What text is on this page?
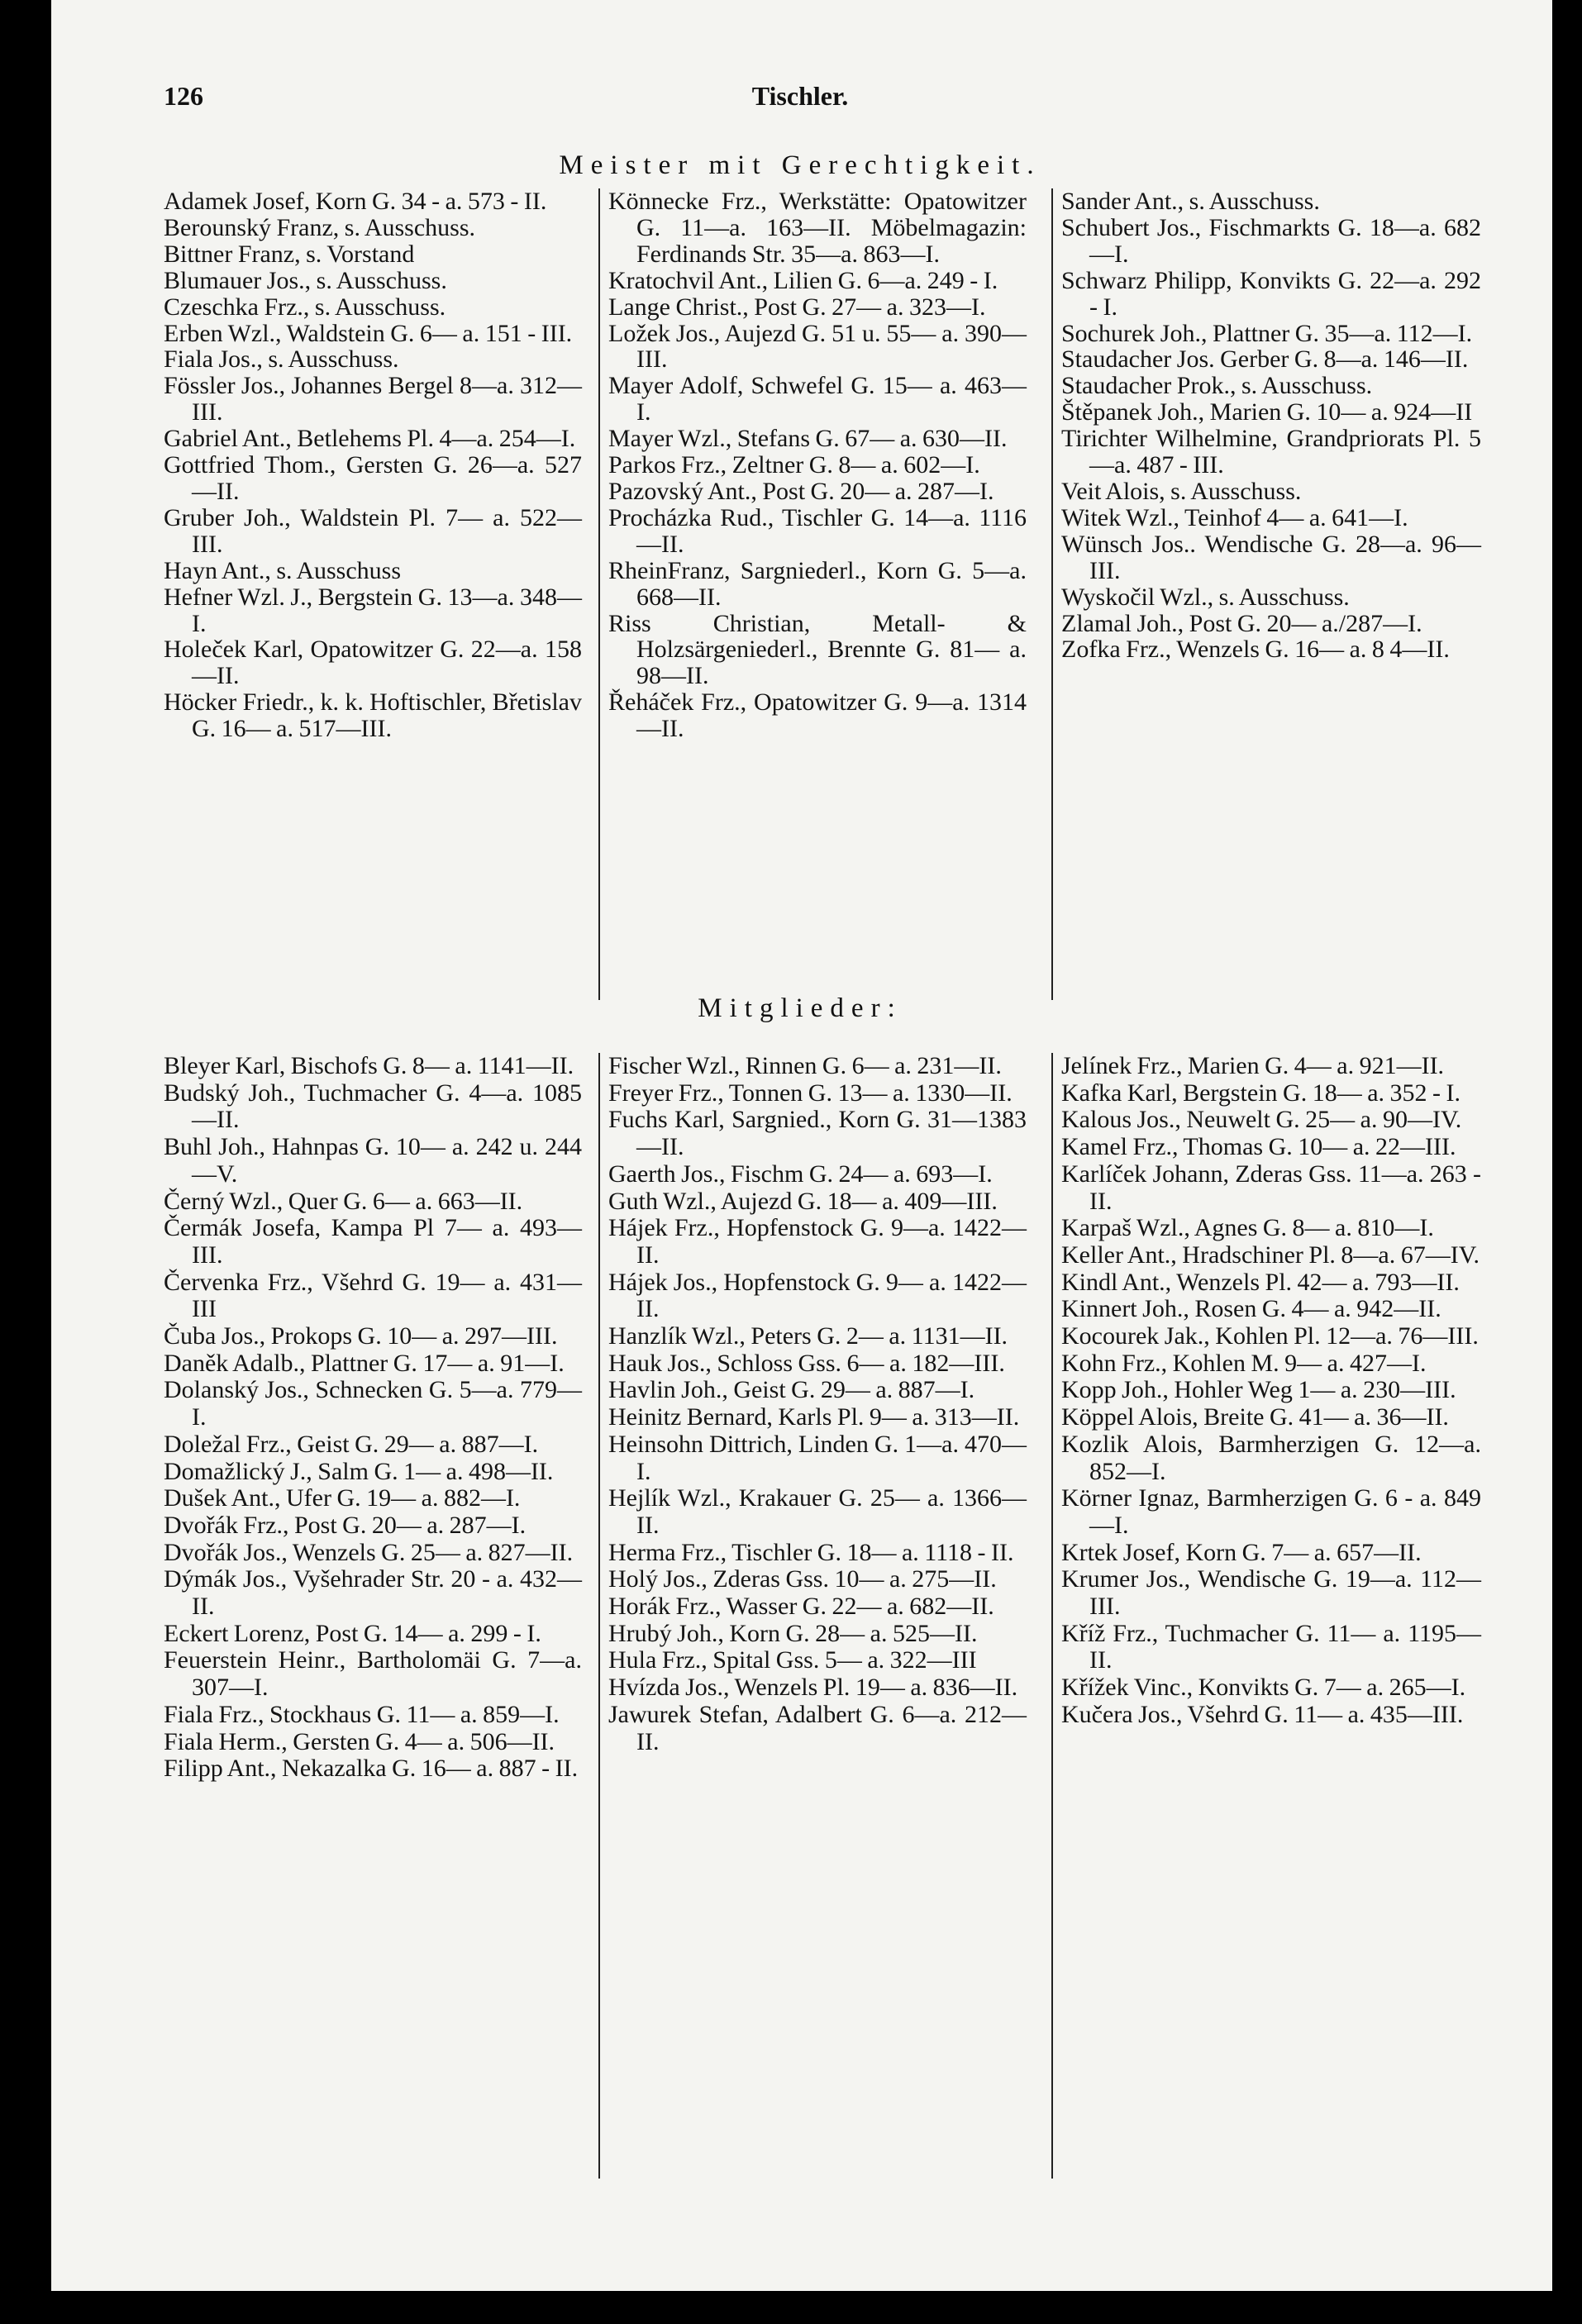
126	Tischler.
Meister mit Gerechtigkeit.
Adamek Josef, Korn G. 34 - a. 573 - II.
Berounský Franz, s. Ausschuss.
Bittner Franz, s. Vorstand
Blumauer Jos., s. Ausschuss.
Czeschka Frz., s. Ausschuss.
Erben Wzl., Waldstein G. 6— a. 151 - III.
Fiala Jos., s. Ausschuss.
Fössler Jos., Johannes Bergel 8—a. 312—III.
Gabriel Ant., Betlehems Pl. 4—a. 254—I.
Gottfried Thom., Gersten G. 26—a. 527—II.
Gruber Joh., Waldstein Pl. 7— a. 522—III.
Hayn Ant., s. Ausschuss
Hefner Wzl. J., Bergstein G. 13—a. 348—I.
Holeček Karl, Opatowitzer G. 22—a. 158—II.
Höcker Friedr., k. k. Hoftischler, Břetislav G. 16— a. 517—III.
Könnecke Frz., Werkstätte: Opatowitzer G. 11—a. 163—II. Möbelmagazin: Ferdinands Str. 35—a. 863—I.
Kratochvil Ant., Lilien G. 6—a. 249 - I.
Lange Christ., Post G. 27— a. 323—I.
Ložek Jos., Aujezd G. 51 u. 55— a. 390—III.
Mayer Adolf, Schwefel G. 15— a. 463—I.
Mayer Wzl., Stefans G. 67— a. 630—II.
Parkos Frz., Zeltner G. 8— a. 602—I.
Pazovský Ant., Post G. 20— a. 287—I.
Procházka Rud., Tischler G. 14—a. 1116—II.
RheinFranz, Sargniederl., Korn G. 5—a. 668—II.
Riss Christian, Metall- & Holzsärgeniederl., Brennte G. 81— a. 98—II.
Řeháček Frz., Opatowitzer G. 9—a. 1314—II.
Sander Ant., s. Ausschuss.
Schubert Jos., Fischmarkts G. 18—a. 682—I.
Schwarz Philipp, Konvikts G. 22—a. 292 - I.
Sochurek Joh., Plattner G. 35—a. 112—I.
Staudacher Jos. Gerber G. 8—a. 146—II.
Staudacher Prok., s. Ausschuss.
Štěpanek Joh., Marien G. 10— a. 924—II
Tirichter Wilhelmine, Grandpriorats Pl. 5—a. 487 - III.
Veit Alois, s. Ausschuss.
Witek Wzl., Teinhof 4— a. 641—I.
Wünsch Jos.. Wendische G. 28—a. 96—III.
Wyskočil Wzl., s. Ausschuss.
Zlamal Joh., Post G. 20— a./287—I.
Zofka Frz., Wenzels G. 16— a. 8 4—II.
Mitglieder:
Bleyer Karl, Bischofs G. 8— a. 1141—II.
Budský Joh., Tuchmacher G. 4—a. 1085—II.
Buhl Joh., Hahnpas G. 10— a. 242 u. 244—V.
Černý Wzl., Quer G. 6— a. 663—II.
Čermák Josefa, Kampa Pl 7— a. 493—III.
Červenka Frz., Všehrd G. 19— a. 431—III
Čuba Jos., Prokops G. 10— a. 297—III.
Daněk Adalb., Plattner G. 17— a. 91—I.
Dolanský Jos., Schnecken G. 5—a. 779—I.
Doležal Frz., Geist G. 29— a. 887—I.
Domažlický J., Salm G. 1— a. 498—II.
Dušek Ant., Ufer G. 19— a. 882—I.
Dvořák Frz., Post G. 20— a. 287—I.
Dvořák Jos., Wenzels G. 25— a. 827—II.
Dýmák Jos., Vyšehrader Str. 20 - a. 432—II.
Eckert Lorenz, Post G. 14— a. 299 - I.
Feuerstein Heinr., Bartholomäi G. 7—a. 307—I.
Fiala Frz., Stockhaus G. 11— a. 859—I.
Fiala Herm., Gersten G. 4— a. 506—II.
Filipp Ant., Nekazalka G. 16— a. 887 - II.
Fischer Wzl., Rinnen G. 6— a. 231—II.
Freyer Frz., Tonnen G. 13— a. 1330—II.
Fuchs Karl, Sargnied., Korn G. 31—1383—II.
Gaerth Jos., Fischm G. 24— a. 693—I.
Guth Wzl., Aujezd G. 18— a. 409—III.
Hájek Frz., Hopfenstock G. 9—a. 1422—II.
Hájek Jos., Hopfenstock G. 9— a. 1422—II.
Hanzlík Wzl., Peters G. 2— a. 1131—II.
Hauk Jos., Schloss Gss. 6— a. 182—III.
Havlin Joh., Geist G. 29— a. 887—I.
Heinitz Bernard, Karls Pl. 9— a. 313—II.
Heinsohn Dittrich, Linden G. 1—a. 470—I.
Hejlík Wzl., Krakauer G. 25— a. 1366—II.
Herma Frz., Tischler G. 18— a. 1118 - II.
Holý Jos., Zderas Gss. 10— a. 275—II.
Horák Frz., Wasser G. 22— a. 682—II.
Hrubý Joh., Korn G. 28— a. 525—II.
Hula Frz., Spital Gss. 5— a. 322—III
Hvízda Jos., Wenzels Pl. 19— a. 836—II.
Jawurek Stefan, Adalbert G. 6—a. 212—II.
Jelínek Frz., Marien G. 4— a. 921—II.
Kafka Karl, Bergstein G. 18— a. 352 - I.
Kalous Jos., Neuwelt G. 25— a. 90—IV.
Kamel Frz., Thomas G. 10— a. 22—III.
Karlíček Johann, Zderas Gss. 11—a. 263 - II.
Karpaš Wzl., Agnes G. 8— a. 810—I.
Keller Ant., Hradschiner Pl. 8—a. 67—IV.
Kindl Ant., Wenzels Pl. 42— a. 793—II.
Kinnert Joh., Rosen G. 4— a. 942—II.
Kocourek Jak., Kohlen Pl. 12—a. 76—III.
Kohn Frz., Kohlen M. 9— a. 427—I.
Kopp Joh., Hohler Weg 1— a. 230—III.
Köppel Alois, Breite G. 41— a. 36—II.
Kozlik Alois, Barmherzigen G. 12—a. 852—I.
Körner Ignaz, Barmherzigen G. 6 - a. 849—I.
Krtek Josef, Korn G. 7— a. 657—II.
Krumer Jos., Wendische G. 19—a. 112—III.
Kříž Frz., Tuchmacher G. 11— a. 1195—II.
Křížek Vinc., Konvikts G. 7— a. 265—I.
Kučera Jos., Všehrd G. 11— a. 435—III.
